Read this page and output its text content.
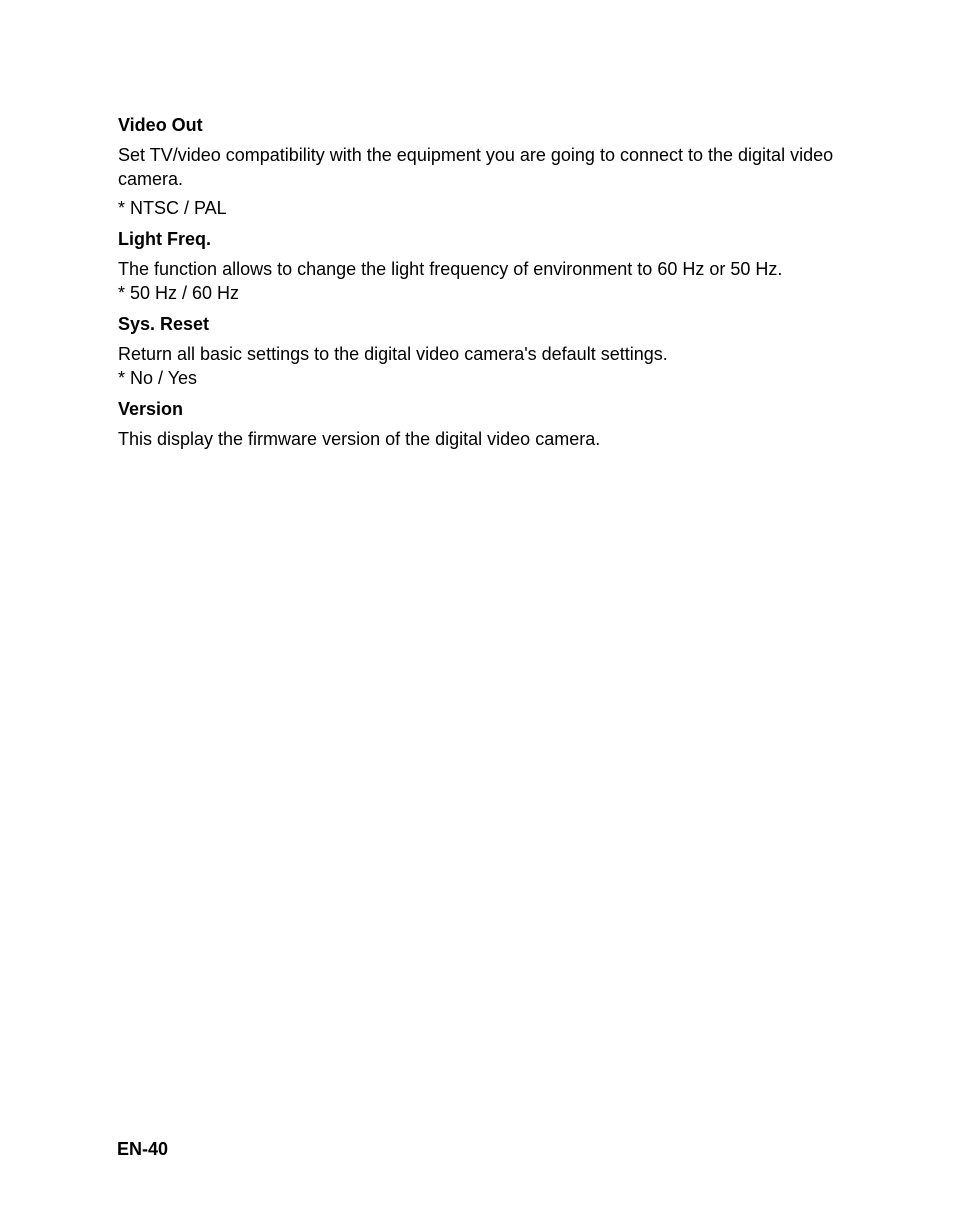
Video Out

Set TV/video compatibility with the equipment you are going to connect to the digital video camera.

* NTSC / PAL

Light Freq.

The function allows to change the light frequency of environment to 60 Hz or 50 Hz.

* 50 Hz / 60 Hz

Sys. Reset

Return all basic settings to the digital video camera's default settings.

* No / Yes

Version

This display the firmware version of the digital video camera.

EN-40
